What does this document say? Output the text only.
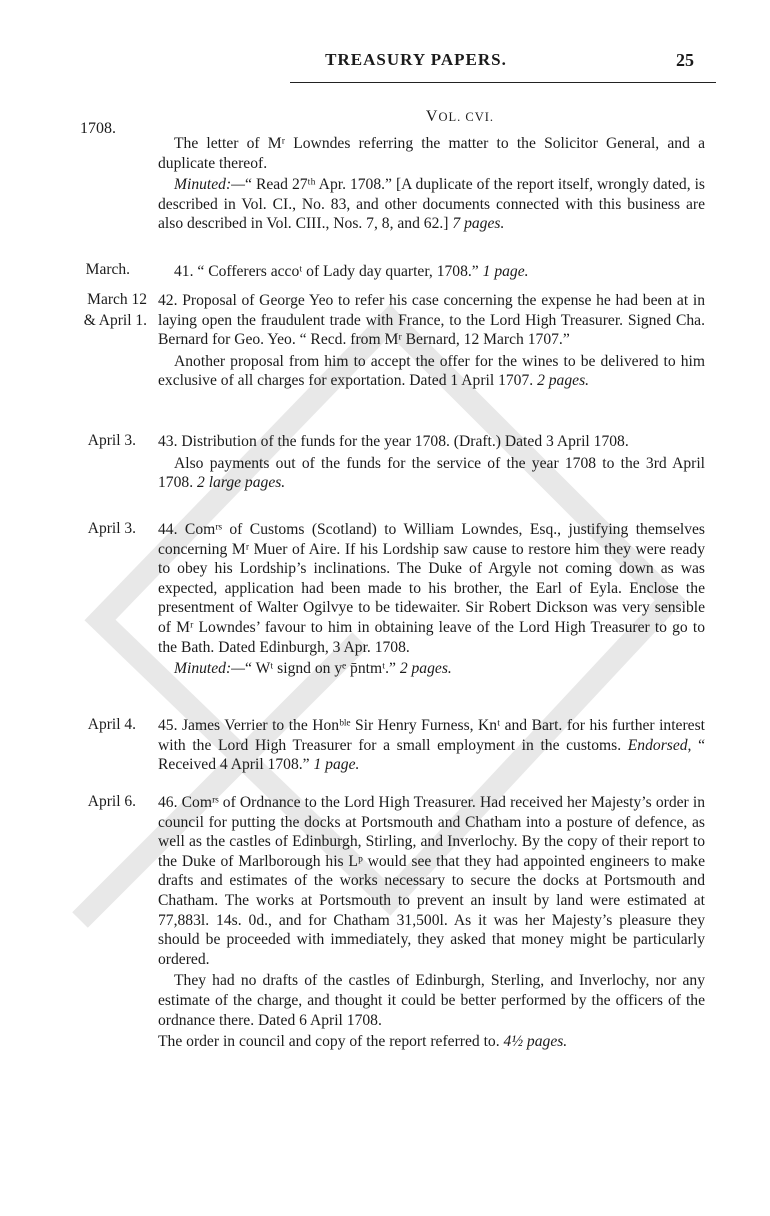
TREASURY PAPERS.	25
VOL. CVI.
1708.
March.
March 12
& April 1.
April 3.
April 3.
April 4.
April 6.

The letter of Mʳ Lowndes referring the matter to the Solicitor General, and a duplicate thereof.

Minuted:—“ Read 27ᵗʰ Apr. 1708.” [A duplicate of the report itself, wrongly dated, is described in Vol. CI., No. 83, and other documents connected with this business are also described in Vol. CIII., Nos. 7, 8, and 62.] 7 pages.

41. “ Cofferers accoᵗ of Lady day quarter, 1708.” 1 page.

42. Proposal of George Yeo to refer his case concerning the expense he had been at in laying open the fraudulent trade with France, to the Lord High Treasurer. Signed Cha. Bernard for Geo. Yeo. “ Recd. from Mʳ Bernard, 12 March 1707.”

Another proposal from him to accept the offer for the wines to be delivered to him exclusive of all charges for exportation. Dated 1 April 1707. 2 pages.

43. Distribution of the funds for the year 1708. (Draft.) Dated 3 April 1708.

Also payments out of the funds for the service of the year 1708 to the 3rd April 1708. 2 large pages.

44. Comʳˢ of Customs (Scotland) to William Lowndes, Esq., justifying themselves concerning Mʳ Muer of Aire. If his Lordship saw cause to restore him they were ready to obey his Lordship’s inclinations. The Duke of Argyle not coming down as was expected, application had been made to his brother, the Earl of Eyla. Enclose the presentment of Walter Ogilvye to be tidewaiter. Sir Robert Dickson was very sensible of Mʳ Lowndes’ favour to him in obtaining leave of the Lord High Treasurer to go to the Bath. Dated Edinburgh, 3 Apr. 1708.

Minuted:—“ Wᵗ signd on yᵉ p̄ntmᵗ.” 2 pages.

45. James Verrier to the Honᵇˡᵉ Sir Henry Furness, Knᵗ and Bart. for his further interest with the Lord High Treasurer for a small employment in the customs. Endorsed, “ Received 4 April 1708.” 1 page.

46. Comʳˢ of Ordnance to the Lord High Treasurer. Had received her Majesty’s order in council for putting the docks at Portsmouth and Chatham into a posture of defence, as well as the castles of Edinburgh, Stirling, and Inverlochy. By the copy of their report to the Duke of Marlborough his Lᵖ would see that they had appointed engineers to make drafts and estimates of the works necessary to secure the docks at Portsmouth and Chatham. The works at Portsmouth to prevent an insult by land were estimated at 77,883l. 14s. 0d., and for Chatham 31,500l. As it was her Majesty’s pleasure they should be proceeded with immediately, they asked that money might be particularly ordered.

They had no drafts of the castles of Edinburgh, Sterling, and Inverlochy, nor any estimate of the charge, and thought it could be better performed by the officers of the ordnance there. Dated 6 April 1708.

The order in council and copy of the report referred to. 4½ pages.
